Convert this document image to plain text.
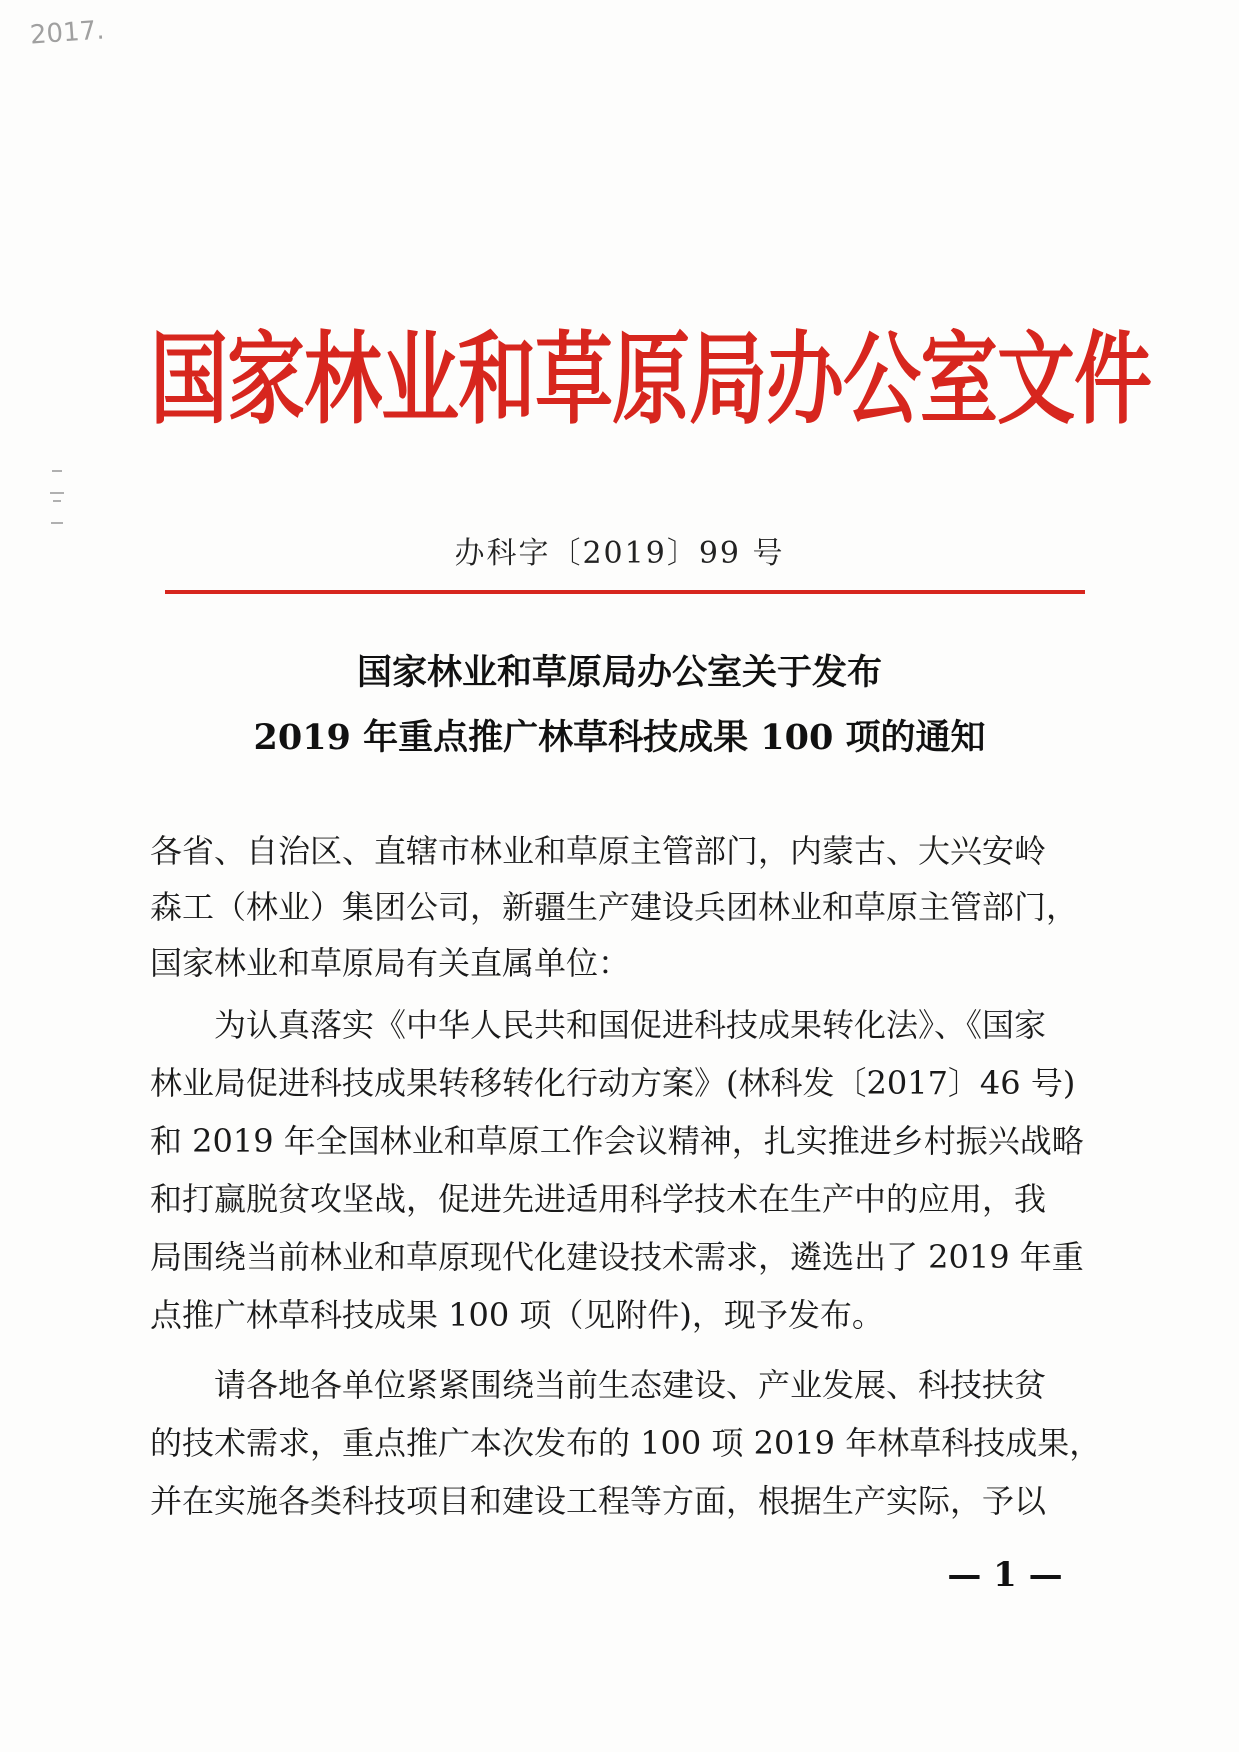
2017.
国家林业和草原局办公室文件
办科字〔2019〕99 号
国家林业和草原局办公室关于发布
2019 年重点推广林草科技成果 100 项的通知
各省、自治区、直辖市林业和草原主管部门，内蒙古、大兴安岭
森工（林业）集团公司，新疆生产建设兵团林业和草原主管部门，
国家林业和草原局有关直属单位：
为认真落实《中华人民共和国促进科技成果转化法》、《国家
林业局促进科技成果转移转化行动方案》(林科发〔2017〕46 号)
和 2019 年全国林业和草原工作会议精神，扎实推进乡村振兴战略
和打赢脱贫攻坚战，促进先进适用科学技术在生产中的应用，我
局围绕当前林业和草原现代化建设技术需求，遴选出了 2019 年重
点推广林草科技成果 100 项（见附件)，现予发布。
请各地各单位紧紧围绕当前生态建设、产业发展、科技扶贫
的技术需求，重点推广本次发布的 100 项 2019 年林草科技成果，
并在实施各类科技项目和建设工程等方面，根据生产实际，予以
— 1 —
